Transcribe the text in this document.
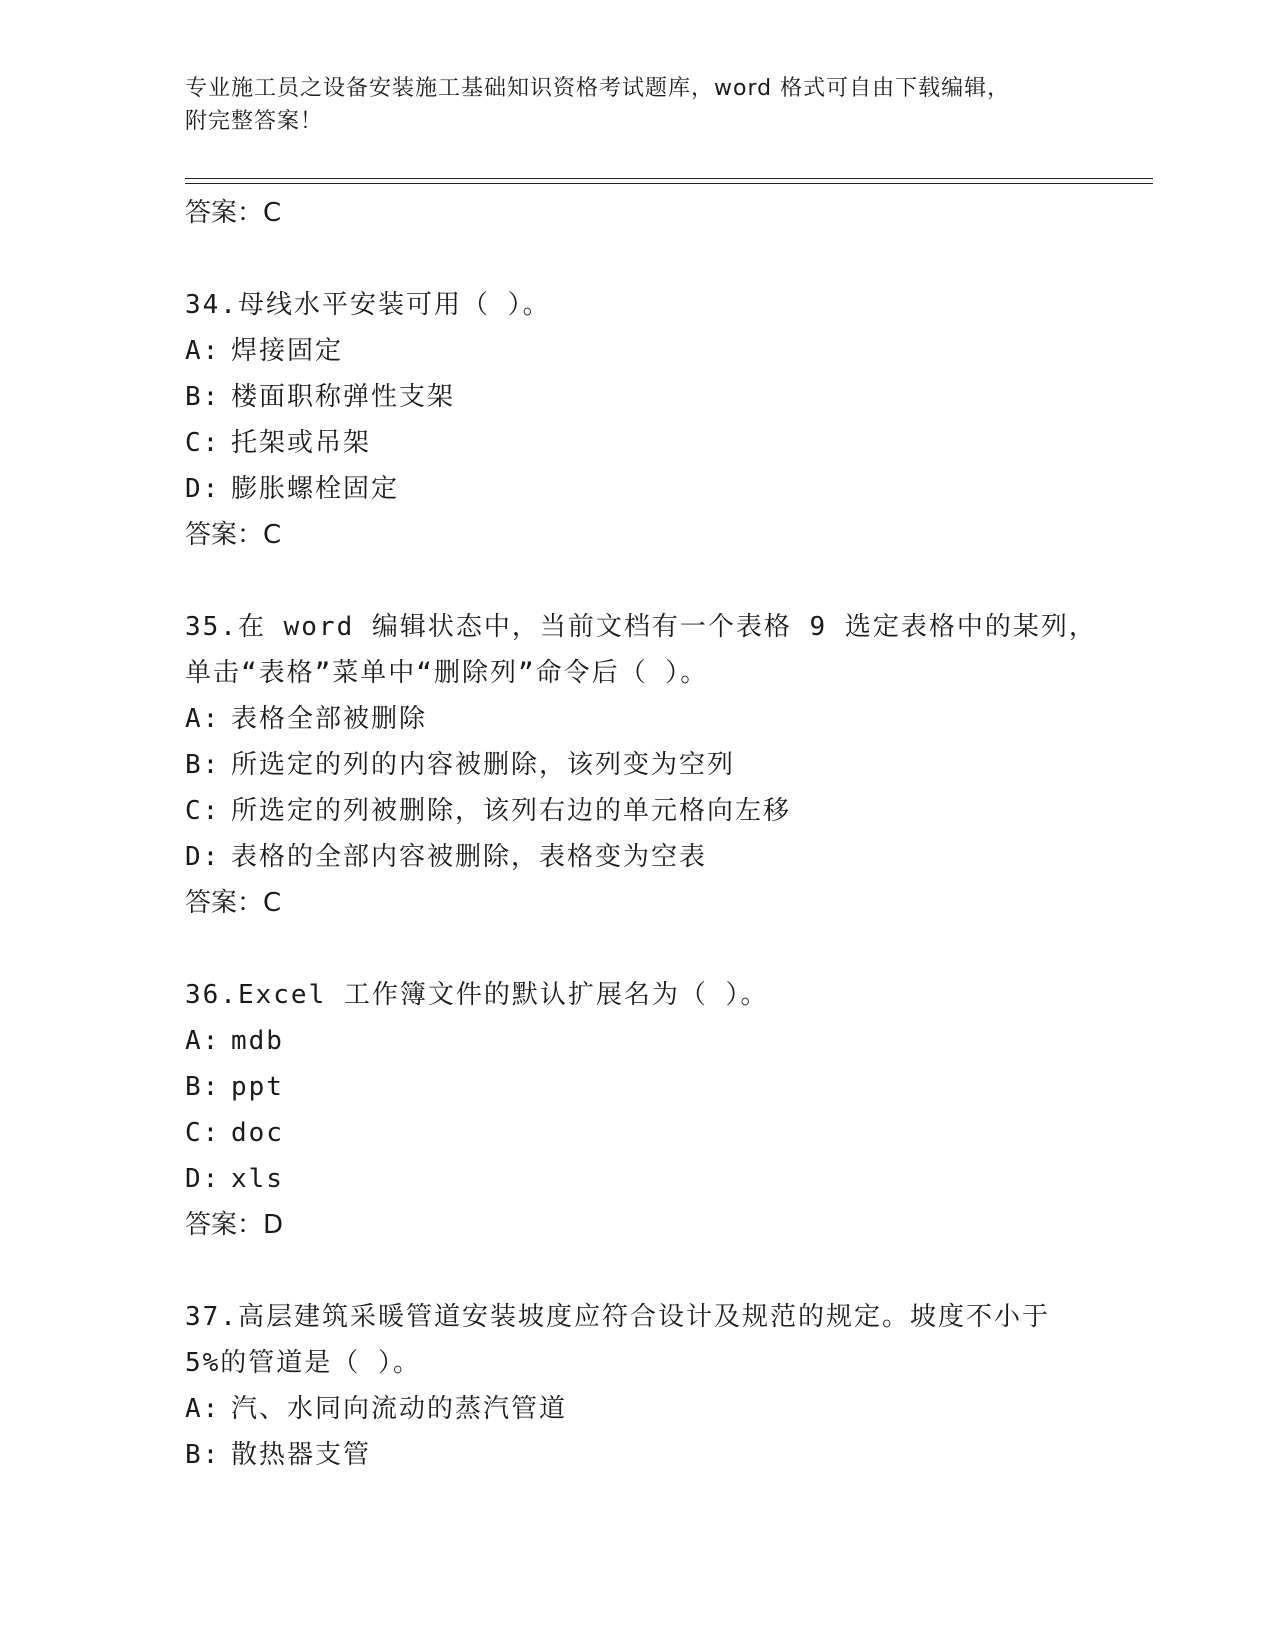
专业施工员之设备安装施工基础知识资格考试题库，word 格式可自由下载编辑，
附完整答案！
答案：C
34.母线水平安装可用（ ）。
A: 焊接固定
B: 楼面职称弹性支架
C: 托架或吊架
D: 膨胀螺栓固定
答案：C
35.在 word 编辑状态中，当前文档有一个表格 9 选定表格中的某列，
单击“表格”菜单中“删除列”命令后（ ）。
A: 表格全部被删除
B: 所选定的列的内容被删除，该列变为空列
C: 所选定的列被删除，该列右边的单元格向左移
D: 表格的全部内容被删除，表格变为空表
答案：C
36.Excel 工作簿文件的默认扩展名为（ ）。
A: mdb
B: ppt
C: doc
D: xls
答案：D
37.高层建筑采暖管道安装坡度应符合设计及规范的规定。坡度不小于
5%的管道是（ ）。
A: 汽、水同向流动的蒸汽管道
B: 散热器支管
